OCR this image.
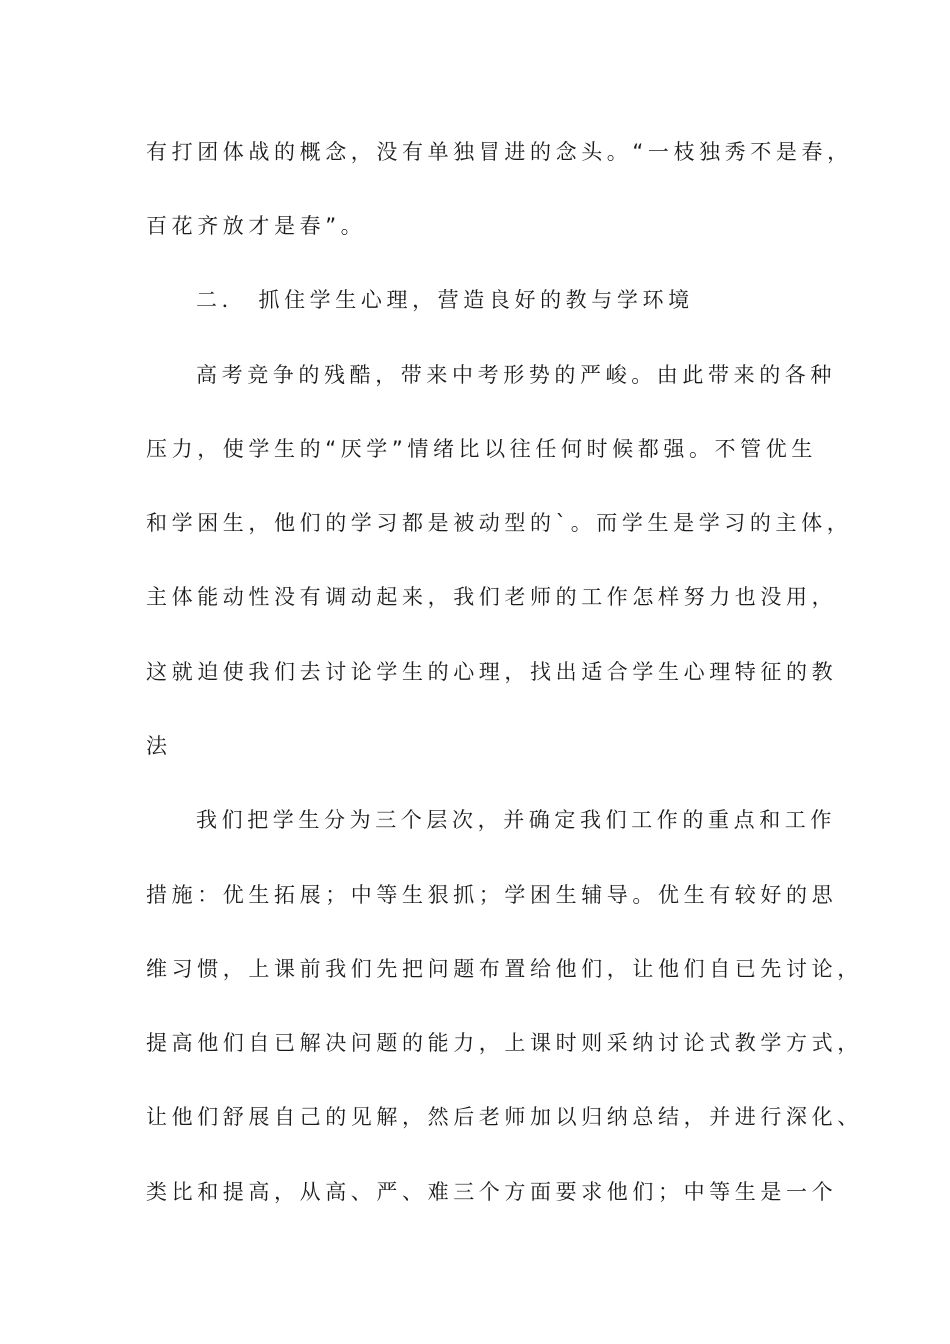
有打团体战的概念，没有单独冒进的念头。“一枝独秀不是春，
百花齐放才是春”。
二． 抓住学生心理，营造良好的教与学环境
高考竞争的残酷，带来中考形势的严峻。由此带来的各种
压力，使学生的“厌学”情绪比以往任何时候都强。不管优生
和学困生，他们的学习都是被动型的`。而学生是学习的主体，
主体能动性没有调动起来，我们老师的工作怎样努力也没用，
这就迫使我们去讨论学生的心理，找出适合学生心理特征的教
法
我们把学生分为三个层次，并确定我们工作的重点和工作
措施：优生拓展；中等生狠抓；学困生辅导。优生有较好的思
维习惯，上课前我们先把问题布置给他们，让他们自已先讨论，
提高他们自已解决问题的能力，上课时则采纳讨论式教学方式，
让他们舒展自己的见解，然后老师加以归纳总结，并进行深化、
类比和提高，从高、严、难三个方面要求他们；中等生是一个
